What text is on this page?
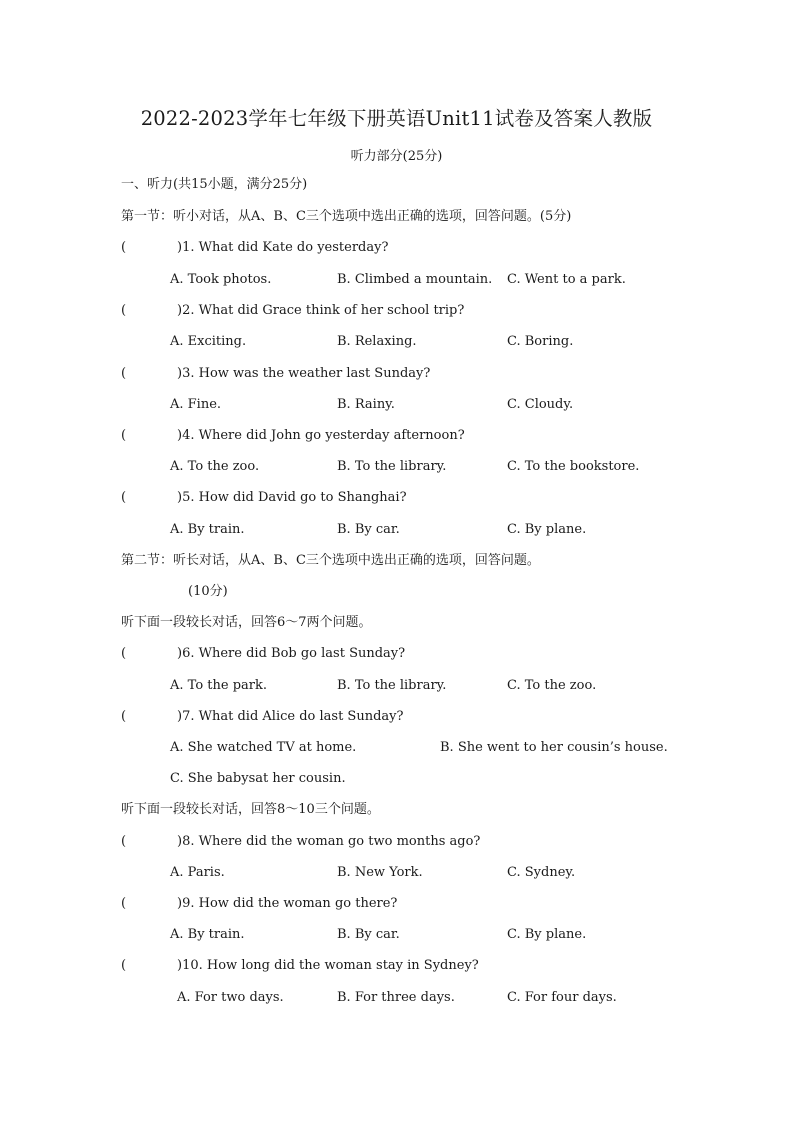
2022-2023学年七年级下册英语Unit11试卷及答案人教版
听力部分(25分)
一、听力(共15小题，满分25分)
第一节：听小对话，从A、B、C三个选项中选出正确的选项，回答问题。(5分)
(	)1. What did Kate do yesterday?
A. Took photos.	B. Climbed a mountain. C. Went to a park.
(	)2. What did Grace think of her school trip?
A. Exciting.	B. Relaxing.	C. Boring.
(	)3. How was the weather last Sunday?
A. Fine.	B. Rainy.	C. Cloudy.
(	)4. Where did John go yesterday afternoon?
A. To the zoo.	B. To the library.	C. To the bookstore.
(	)5. How did David go to Shanghai?
A. By train.	B. By car.	C. By plane.
第二节：听长对话，从A、B、C三个选项中选出正确的选项，回答问题。
(10分)
听下面一段较长对话，回答6～7两个问题。
(	)6. Where did Bob go last Sunday?
A. To the park.	B. To the library.	C. To the zoo.
(	)7. What did Alice do last Sunday?
A. She watched TV at home.	B. She went to her cousin’s house.
C. She babysat her cousin.
听下面一段较长对话，回答8～10三个问题。
(	)8. Where did the woman go two months ago?
A. Paris.	B. New York.	C. Sydney.
(	)9. How did the woman go there?
A. By train.	B. By car.	C. By plane.
(	)10. How long did the woman stay in Sydney?
A. For two days.	B. For three days.	C. For four days.
